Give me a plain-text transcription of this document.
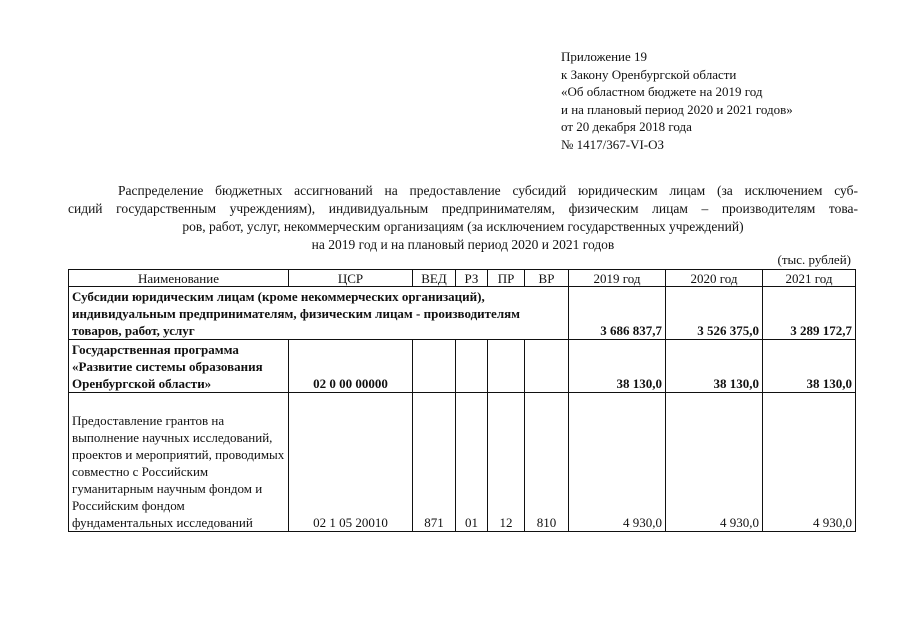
Приложение 19
к Закону Оренбургской области
«Об областном бюджете на 2019 год
и на плановый период 2020 и 2021 годов»
от 20 декабря 2018 года
№ 1417/367-VI-ОЗ
Распределение бюджетных ассигнований на предоставление субсидий юридическим лицам (за исключением суб-
сидий государственным учреждениям), индивидуальным предпринимателям, физическим лицам – производителям това-
ров, работ, услуг, некоммерческим организациям (за исключением государственных учреждений)
на 2019 год и на плановый период 2020 и 2021 годов
(тыс. рублей)
Наименование	ЦСР	ВЕД	РЗ	ПР	ВР	2019 год	2020 год	2021 год
Субсидии юридическим лицам (кроме некоммерческих организаций), индивидуальным предпринимателям, физическим лицам - производителям товаров, работ, услуг						3 686 837,7	3 526 375,0	3 289 172,7
Государственная программа «Развитие системы образования Оренбургской области»	02 0 00 00000					38 130,0	38 130,0	38 130,0
Предоставление грантов на выполнение научных исследований, проектов и мероприятий, проводимых совместно с Российским гуманитарным научным фондом и Российским фондом фундаментальных исследований	02 1 05 20010	871	01	12	810	4 930,0	4 930,0	4 930,0
